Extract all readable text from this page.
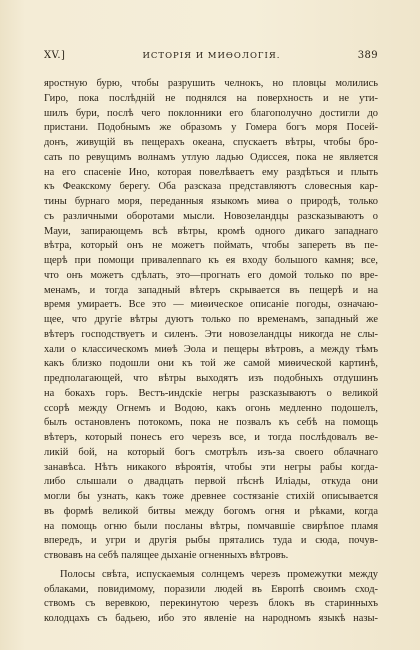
XV.]	ИСТОРІЯ И МИѲОЛОГІЯ.	389
яростную бурю, чтобы разрушить челнокъ, но пловцы молились
Гиро, пока послѣдній не поднялся на поверхность и не ути-
шилъ бури, послѣ чего поклонники его благополучно достигли до
пристани. Подобнымъ же образомъ у Гомера богъ моря Посей-
донъ, живущій въ пещерахъ океана, спускаетъ вѣтры, чтобы бро-
сать по ревущимъ волнамъ утлую ладью Одиссея, пока не является
на его спасеніе Ино, которая повелѣваетъ ему раздѣться и плыть
къ Феакскому берегу. Оба разсказа представляютъ словесныя кар-
тины бурнаго моря, переданныя языкомъ миѳа о природѣ, только
съ различными оборотами мысли. Новозеландцы разсказываютъ о
Мауи, запирающемъ всѣ вѣтры, кромѣ одного дикаго западнаго
вѣтра, который онъ не можетъ поймать, чтобы запереть въ пе-
щерѣ при помощи привалennaго къ ея входу большого камня; все,
что онъ можетъ сдѣлать, это—прогнать его домой только по вре-
менамъ, и тогда западный вѣтеръ скрывается въ пещерѣ и на
время умираетъ. Все это — миѳическое описаніе погоды, означаю-
щее, что другіе вѣтры дуютъ только по временамъ, западный же
вѣтеръ господствуетъ и силенъ. Эти новозеландцы никогда не слы-
хали о классическомъ миѳѣ Эола и пещеры вѣтровъ, а между тѣмъ
какъ близко подошли они къ той же самой миѳической картинѣ,
предполагающей, что вѣтры выходятъ изъ подобныхъ отдушинъ
на бокахъ горъ. Вестъ-индскіе негры разсказываютъ о великой
ссорѣ между Огнемъ и Водою, какъ огонь медленно подошелъ,
былъ остановленъ потокомъ, пока не позвалъ къ себѣ на помощь
вѣтеръ, который понесъ его черезъ все, и тогда послѣдовалъ ве-
ликій бой, на который богъ смотрѣлъ изъ-за своего облачнаго
занавѣса. Нѣтъ никакого вѣроятія, чтобы эти негры рабы когда-
либо слышали о двадцать первой пѣснѣ Иліады, откуда они
могли бы узнать, какъ тоже древнее состязаніе стихій описывается
въ формѣ великой битвы между богомъ огня и рѣками, когда
на помощь огню были посланы вѣтры, помчавшіе свирѣпое пламя
впередъ, и угри и другія рыбы прятались туда и сюда, почув-
ствовавъ на себѣ палящее дыханіе огненныхъ вѣтровъ.
Полосы свѣта, испускаемыя солнцемъ черезъ промежутки между
облаками, повидимому, поразили людей въ Европѣ своимъ сход-
ствомъ съ веревкою, перекинутою черезъ блокъ въ старинныхъ
колодцахъ съ бадьею, ибо это явленіе на народномъ языкѣ назы-
